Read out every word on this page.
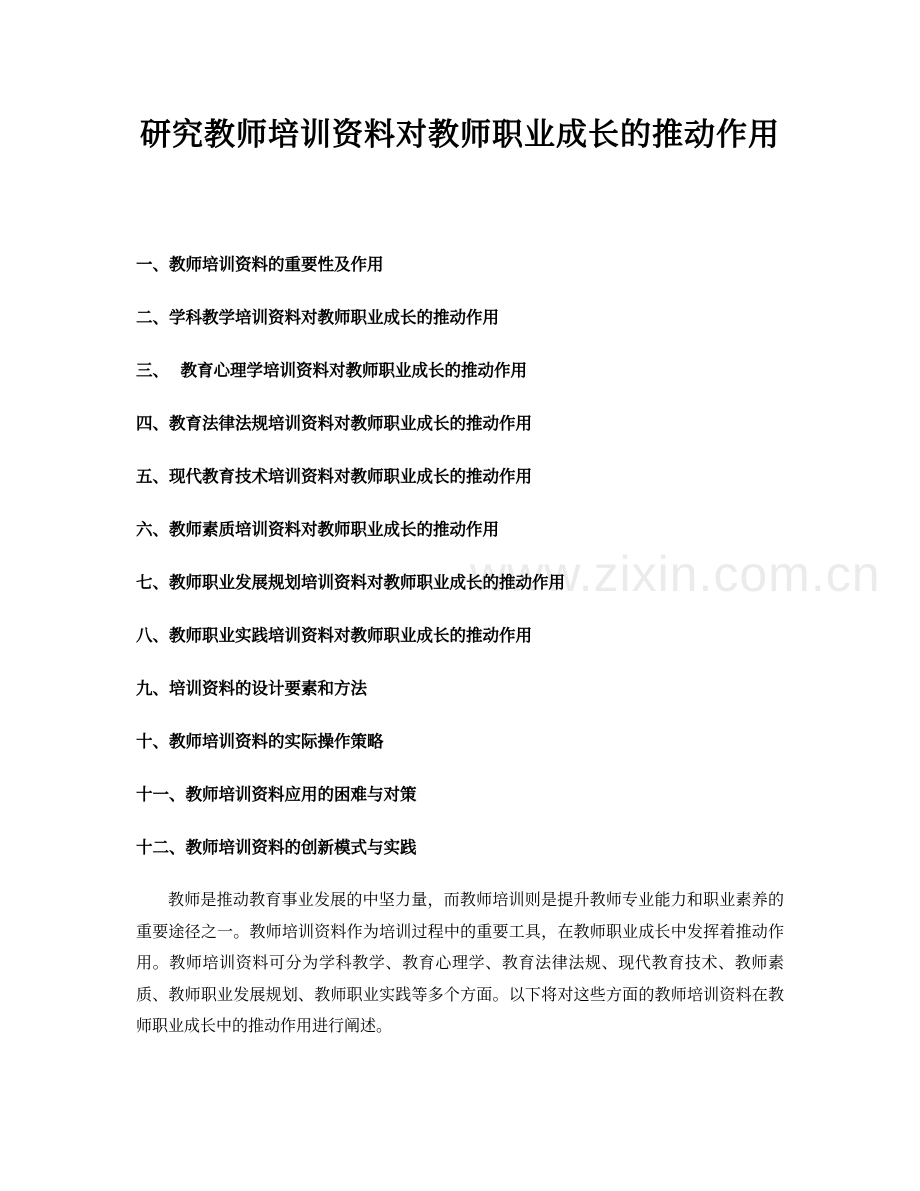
研究教师培训资料对教师职业成长的推动作用
一、教师培训资料的重要性及作用
二、学科教学培训资料对教师职业成长的推动作用
三、  教育心理学培训资料对教师职业成长的推动作用
四、教育法律法规培训资料对教师职业成长的推动作用
五、现代教育技术培训资料对教师职业成长的推动作用
六、教师素质培训资料对教师职业成长的推动作用
七、教师职业发展规划培训资料对教师职业成长的推动作用
八、教师职业实践培训资料对教师职业成长的推动作用
九、培训资料的设计要素和方法
十、教师培训资料的实际操作策略
十一、教师培训资料应用的困难与对策
十二、教师培训资料的创新模式与实践

教师是推动教育事业发展的中坚力量，而教师培训则是提升教师专业能力和职业素养的重要途径之一。教师培训资料作为培训过程中的重要工具，在教师职业成长中发挥着推动作用。教师培训资料可分为学科教学、教育心理学、教育法律法规、现代教育技术、教师素质、教师职业发展规划、教师职业实践等多个方面。以下将对这些方面的教师培训资料在教师职业成长中的推动作用进行阐述。

www.zixin.com.cn
